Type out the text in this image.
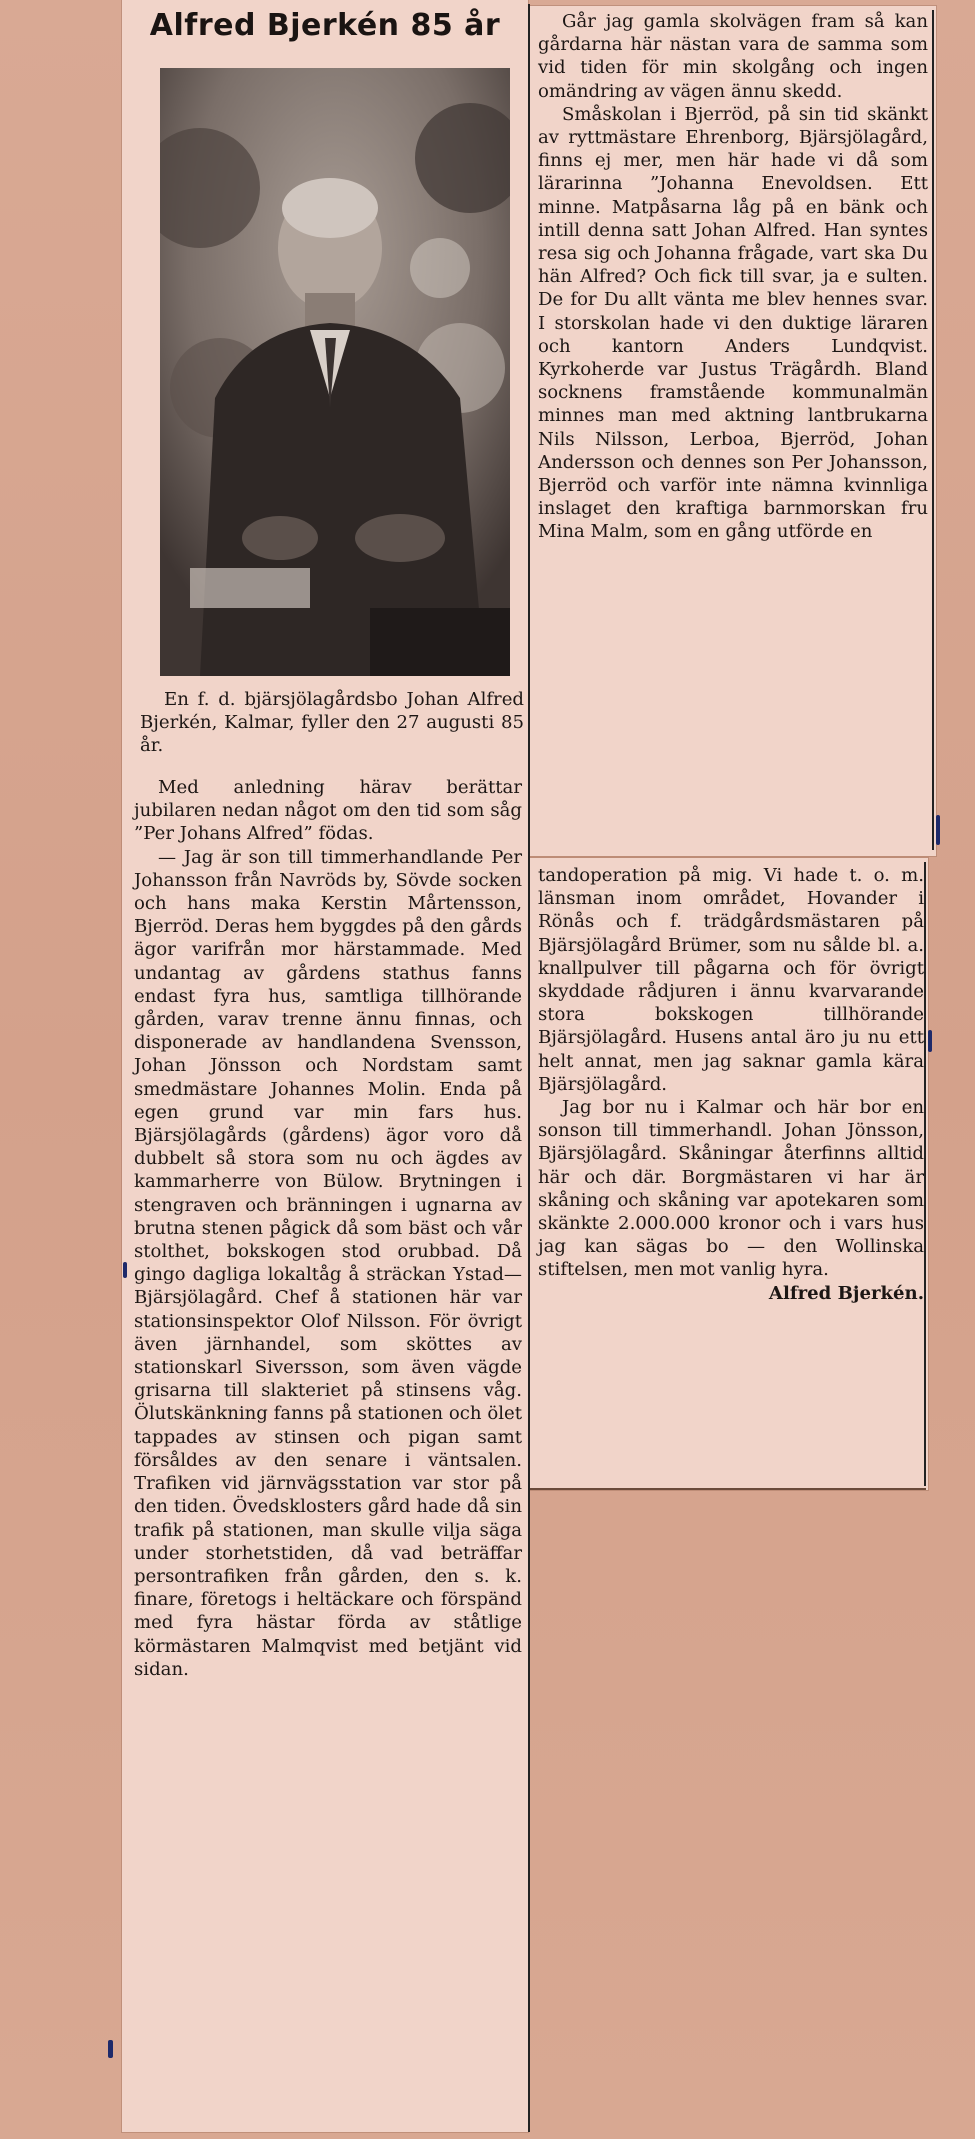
Alfred Bjerkén 85 år

En f. d. bjärsjölagårdsbo Johan Alfred Bjerkén, Kalmar, fyller den 27 augusti 85 år.

Med anledning härav berättar jubilaren nedan något om den tid som såg ”Per Johans Alfred” födas.

— Jag är son till timmerhandlande Per Johansson från Navröds by, Sövde socken och hans maka Kerstin Mårtensson, Bjerröd. Deras hem byggdes på den gårds ägor varifrån mor härstammade. Med undantag av gårdens stathus fanns endast fyra hus, samtliga tillhörande gården, varav trenne ännu finnas, och disponerade av handlandena Svensson, Johan Jönsson och Nordstam samt smedmästare Johannes Molin. Enda på egen grund var min fars hus. Bjärsjölagårds (gårdens) ägor voro då dubbelt så stora som nu och ägdes av kammarherre von Bülow. Brytningen i stengraven och bränningen i ugnarna av brutna stenen pågick då som bäst och vår stolthet, bokskogen stod orubbad. Då gingo dagliga lokaltåg å sträckan Ystad—Bjärsjölagård. Chef å stationen här var stationsinspektor Olof Nilsson. För övrigt även järnhandel, som sköttes av stationskarl Siversson, som även vägde grisarna till slakteriet på stinsens våg. Ölutskänkning fanns på stationen och ölet tappades av stinsen och pigan samt försåldes av den senare i väntsalen. Trafiken vid järnvägsstation var stor på den tiden. Övedsklosters gård hade då sin trafik på stationen, man skulle vilja säga under storhetstiden, då vad beträffar persontrafiken från gården, den s. k. finare, företogs i heltäckare och förspänd med fyra hästar förda av ståtlige körmästaren Malmqvist med betjänt vid sidan.

Går jag gamla skolvägen fram så kan gårdarna här nästan vara de samma som vid tiden för min skolgång och ingen omändring av vägen ännu skedd.

Småskolan i Bjerröd, på sin tid skänkt av ryttmästare Ehrenborg, Bjärsjölagård, finns ej mer, men här hade vi då som lärarinna ”Johanna Enevoldsen. Ett minne. Matpåsarna låg på en bänk och intill denna satt Johan Alfred. Han syntes resa sig och Johanna frågade, vart ska Du hän Alfred? Och fick till svar, ja e sulten. De for Du allt vänta me blev hennes svar. I storskolan hade vi den duktige läraren och kantorn Anders Lundqvist. Kyrkoherde var Justus Trägårdh. Bland socknens framstående kommunalmän minnes man med aktning lantbrukarna Nils Nilsson, Lerboa, Bjerröd, Johan Andersson och dennes son Per Johansson, Bjerröd och varför inte nämna kvinnliga inslaget den kraftiga barnmorskan fru Mina Malm, som en gång utförde en

tandoperation på mig. Vi hade t. o. m. länsman inom området, Hovander i Rönås och f. trädgårdsmästaren på Bjärsjölagård Brümer, som nu sålde bl. a. knallpulver till pågarna och för övrigt skyddade rådjuren i ännu kvarvarande stora bokskogen tillhörande Bjärsjölagård. Husens antal äro ju nu ett helt annat, men jag saknar gamla kära Bjärsjölagård.

Jag bor nu i Kalmar och här bor en sonson till timmerhandl. Johan Jönsson, Bjärsjölagård. Skåningar återfinns alltid här och där. Borgmästaren vi har är skåning och skåning var apotekaren som skänkte 2.000.000 kronor och i vars hus jag kan sägas bo — den Wollinska stiftelsen, men mot vanlig hyra.
Alfred Bjerkén.
